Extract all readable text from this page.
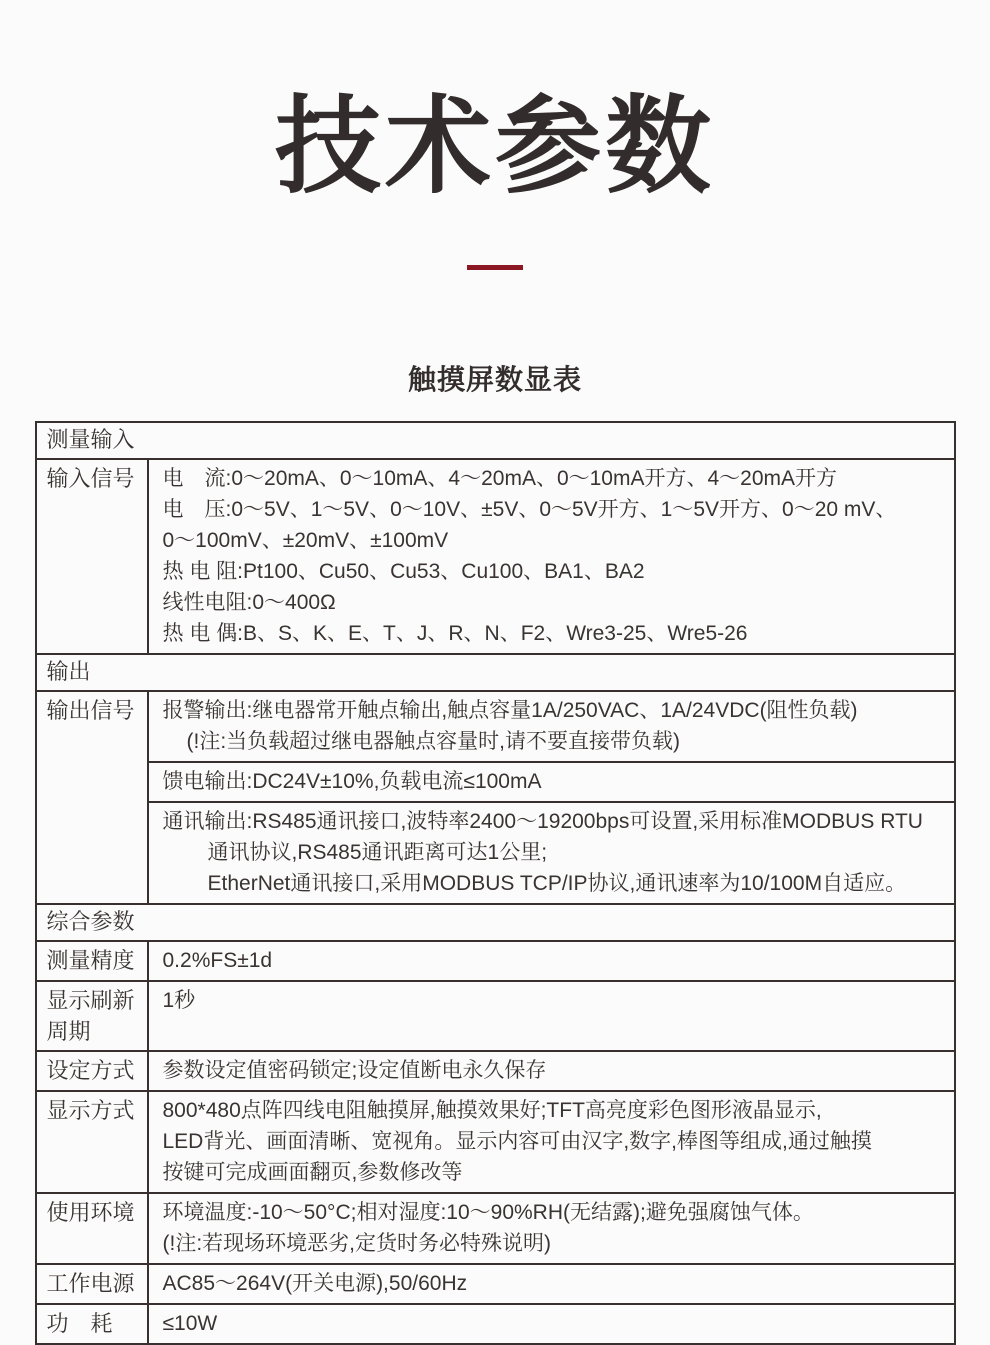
技术参数
触摸屏数显表
测量输入	
输入信号	电　流:0～20mA、0～10mA、4～20mA、0～10mA开方、4～20mA开方
电　压:0～5V、1～5V、0～10V、±5V、0～5V开方、1～5V开方、0～20 mV、
0～100mV、±20mV、±100mV
热 电 阻:Pt100、Cu50、Cu53、Cu100、BA1、BA2
线性电阻:0～400Ω
热 电 偶:B、S、K、E、T、J、R、N、F2、Wre3-25、Wre5-26

输出	
输出信号	报警输出:继电器常开触点输出,触点容量1A/250VAC、1A/24VDC(阻性负载)
(!注:当负载超过继电器触点容量时,请不要直接带负载)

	馈电输出:DC24V±10%,负载电流≤100mA

	通讯输出:RS485通讯接口,波特率2400～19200bps可设置,采用标准MODBUS RTU
通讯协议,RS485通讯距离可达1公里;
EtherNet通讯接口,采用MODBUS TCP/IP协议,通讯速率为10/100M自适应。

综合参数	
测量精度	0.2%FS±1d
显示刷新周期	1秒
设定方式	参数设定值密码锁定;设定值断电永久保存
显示方式	800*480点阵四线电阻触摸屏,触摸效果好;TFT高亮度彩色图形液晶显示,
LED背光、画面清晰、宽视角。显示内容可由汉字,数字,棒图等组成,通过触摸
按键可完成画面翻页,参数修改等

使用环境	环境温度:-10～50°C;相对湿度:10～90%RH(无结露);避免强腐蚀气体。
(!注:若现场环境恶劣,定货时务必特殊说明)

工作电源	AC85～264V(开关电源),50/60Hz
功　耗	≤10W
